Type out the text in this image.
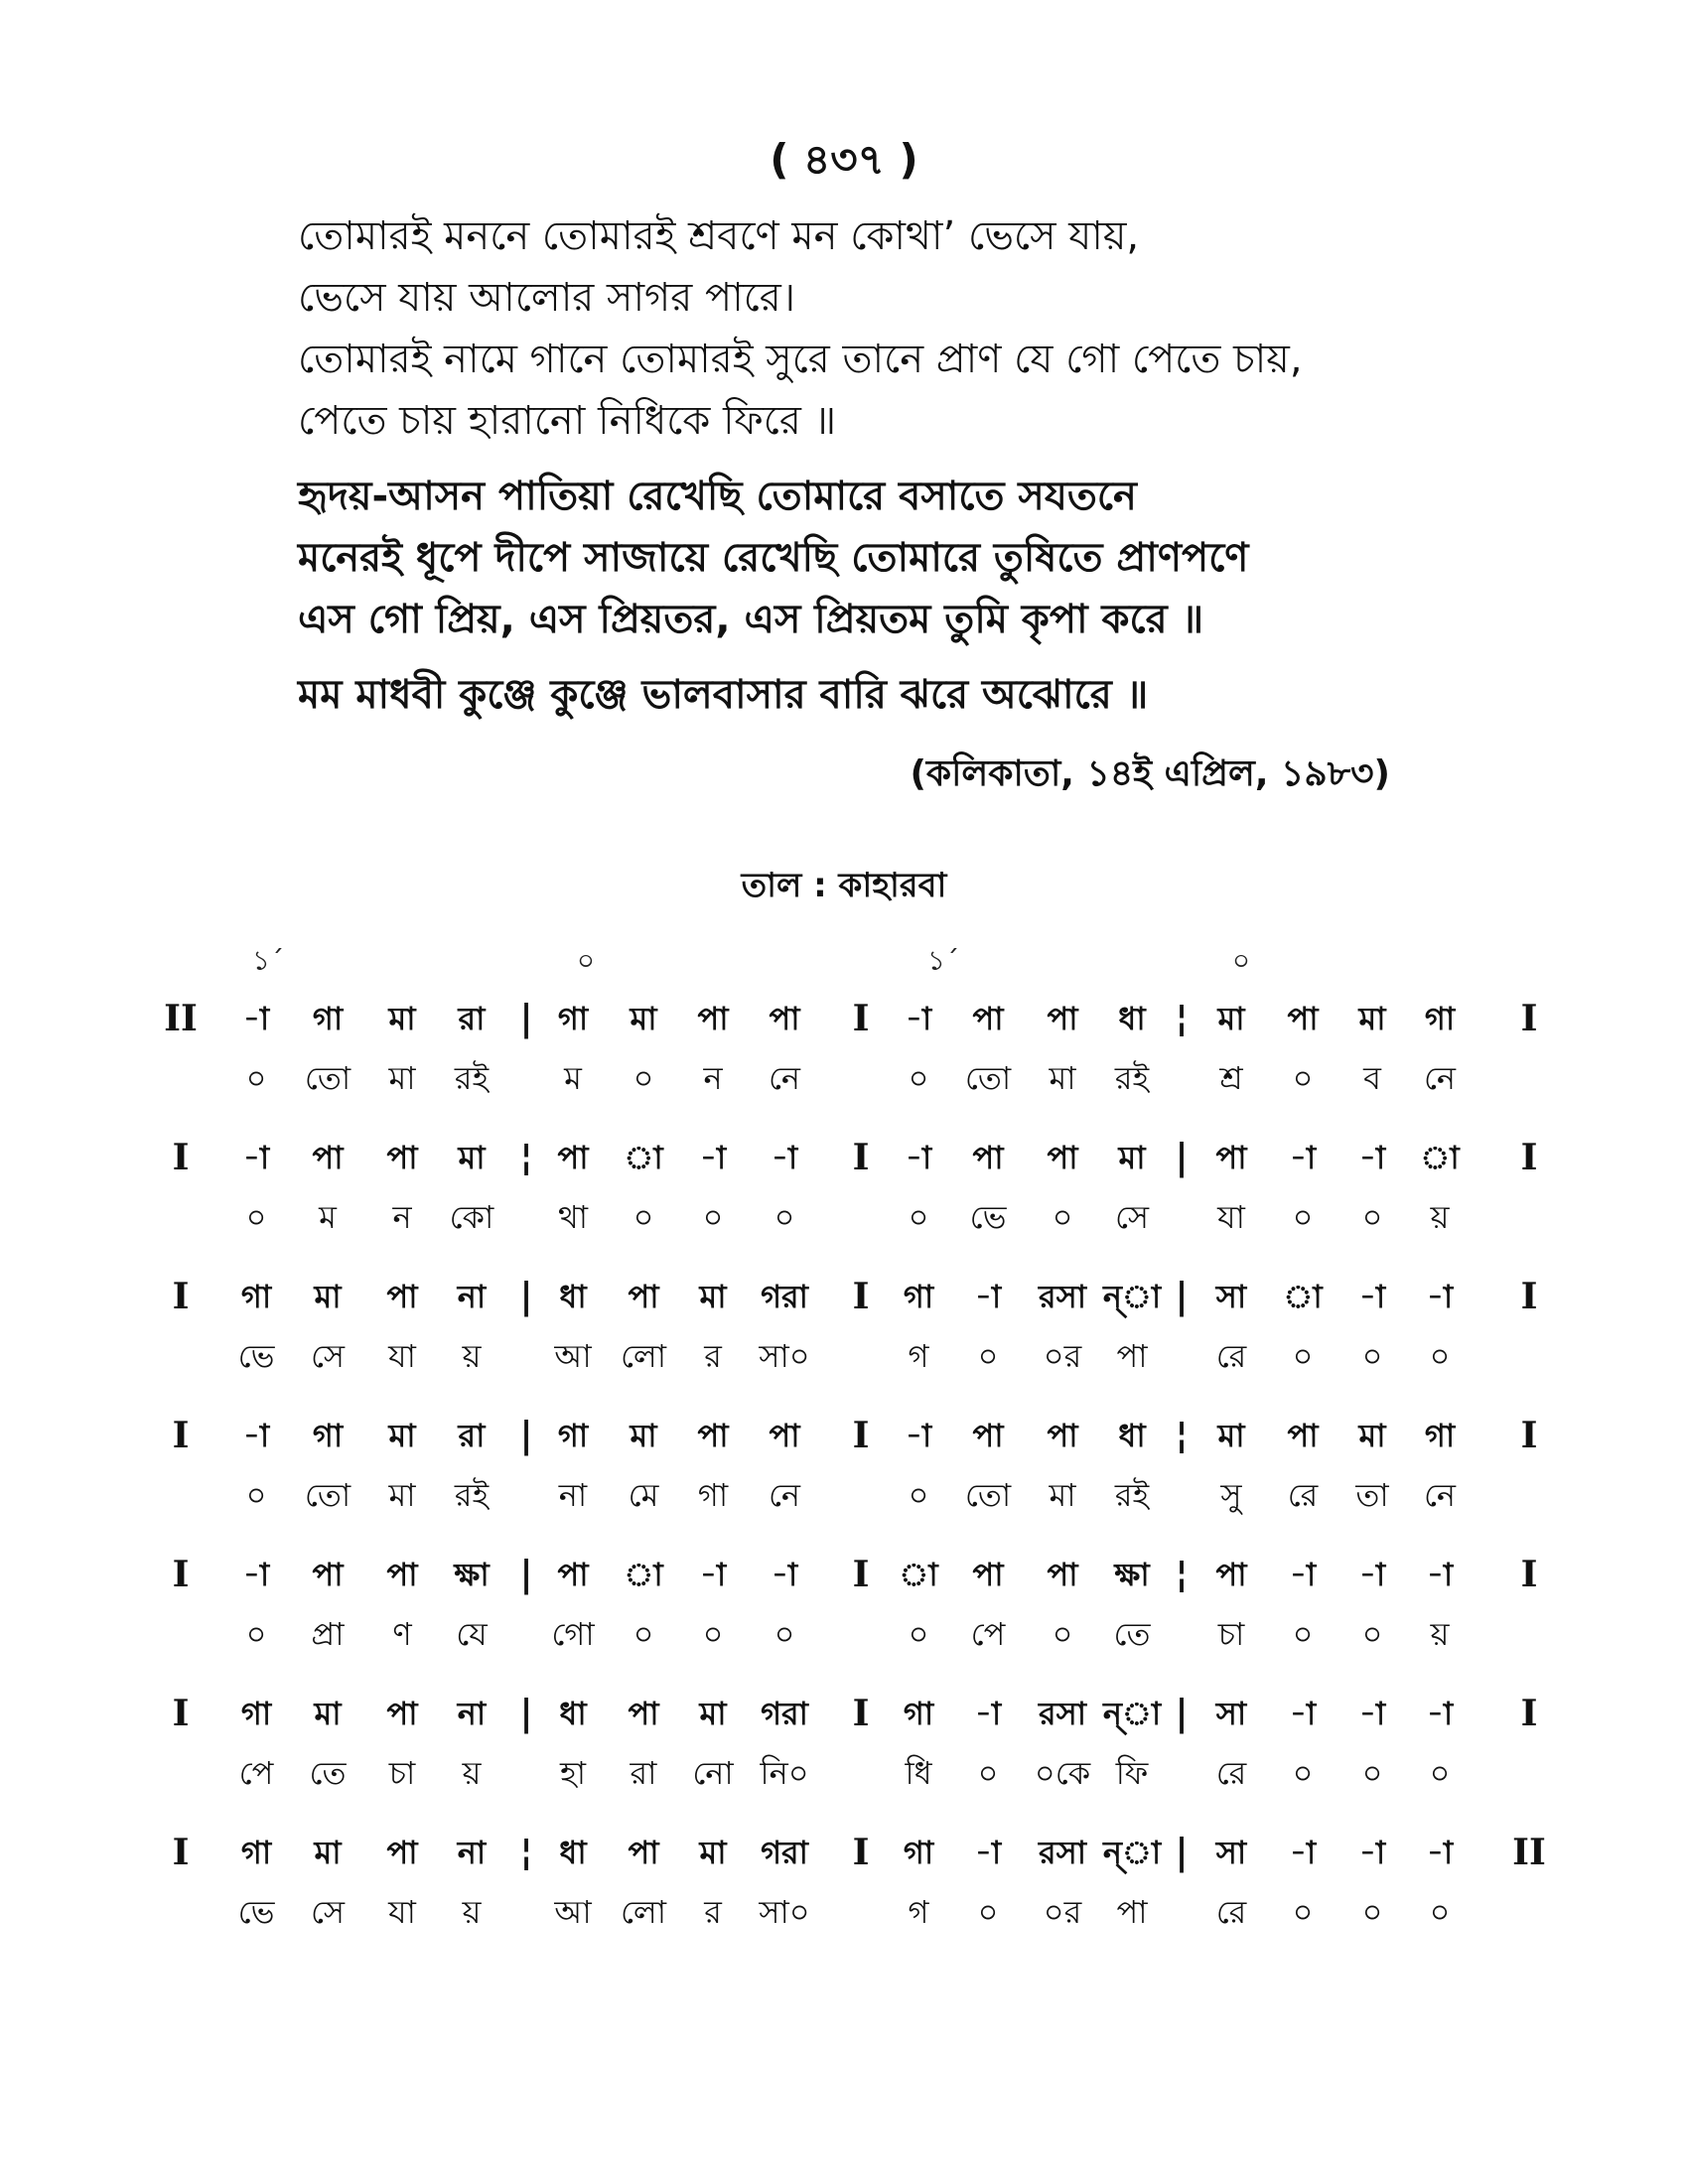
( ৪৩৭ )
তোমারই মননে তোমারই শ্রবণে মন কোথা’ ভেসে যায়,
ভেসে যায় আলোর সাগর পারে।
তোমারই নামে গানে তোমারই সুরে তানে প্রাণ যে গো পেতে চায়,
পেতে চায় হারানো নিধিকে ফিরে ॥
হৃদয়-আসন পাতিয়া রেখেছি তোমারে বসাতে সযতনে
মনেরই ধূপে দীপে সাজায়ে রেখেছি তোমারে তুষিতে প্রাণপণে
এস গো প্রিয়, এস প্রিয়তর, এস প্রিয়তম তুমি কৃপা করে ॥
মম মাধবী কুঞ্জে কুঞ্জে ভালবাসার বারি ঝরে অঝোরে ॥
(কলিকাতা, ১৪ই এপ্রিল, ১৯৮৩)
তাল : কাহারবা
১´	০	১´	০
II	|	I	¦	I
-া গা মা রা গা মা পা পা	-া পা পা ধা মা পা মা গা
০ তো মা রই ম ০ ন নে	০ তো মা রই শ্র ০ ব নে
I	¦	I	|	I
-া পা পা মা পা া -া -া	-া পা পা মা পা -া -া া
০ ম ন কো থা ০ ০ ০	০ ভে ০ সে যা ০ ০ য়
I	|	I	|	I
গা মা পা না ধা পা মা গরা	গা -া রসা ন্া সা া -া -া
ভে সে যা য় আ লো র সা০	গ ০ ০র পা রে ০ ০ ০
I	|	I	¦	I
-া গা মা রা গা মা পা পা	-া পা পা ধা মা পা মা গা
০ তো মা রই না মে গা নে	০ তো মা রই সু রে তা নে
I	|	I	¦	I
-া পা পা ক্ষা পা া -া -া	া পা পা ক্ষা পা -া -া -া
০ প্রা ণ যে গো ০ ০ ০	০ পে ০ তে চা ০ ০ য়
I	|	I	|	I
গা মা পা না ধা পা মা গরা	গা -া রসা ন্া সা -া -া -া
পে তে চা য় হা রা নো নি০	ধি ০ ০কে ফি রে ০ ০ ০
I	¦	I	|	II
গা মা পা না ধা পা মা গরা	গা -া রসা ন্া সা -া -া -া
ভে সে যা য় আ লো র সা০	গ ০ ০র পা রে ০ ০ ০
